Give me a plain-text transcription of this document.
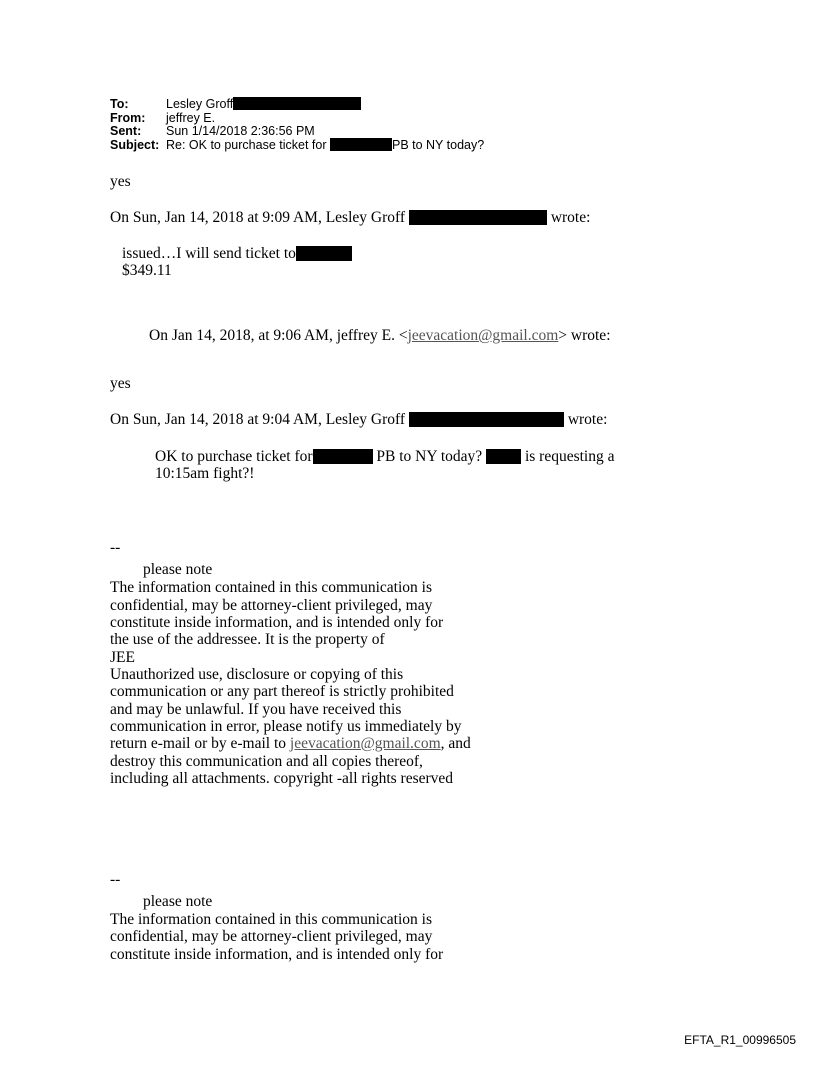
To:	Lesley Groff
From: jeffrey E.
Sent: Sun 1/14/2018 2:36:56 PM
Subject: Re: OK to purchase ticket for	PB to NY today?
yes
On Sun, Jan 14, 2018 at 9:09 AM, Lesley Groff	wrote:
issued…I will send ticket to
$349.11
On Jan 14, 2018, at 9:06 AM, jeffrey E. <jeevacation@gmail.com> wrote:
yes
On Sun, Jan 14, 2018 at 9:04 AM, Lesley Groff	wrote:
OK to purchase ticket for	PB to NY today?	is requesting a
10:15am fight?!
--
please note
The information contained in this communication is
confidential, may be attorney-client privileged, may
constitute inside information, and is intended only for
the use of the addressee. It is the property of
JEE
Unauthorized use, disclosure or copying of this
communication or any part thereof is strictly prohibited
and may be unlawful. If you have received this
communication in error, please notify us immediately by
return e-mail or by e-mail to jeevacation@gmail.com, and
destroy this communication and all copies thereof,
including all attachments. copyright -all rights reserved
--
please note
The information contained in this communication is
confidential, may be attorney-client privileged, may
constitute inside information, and is intended only for
EFTA_R1_00996505
